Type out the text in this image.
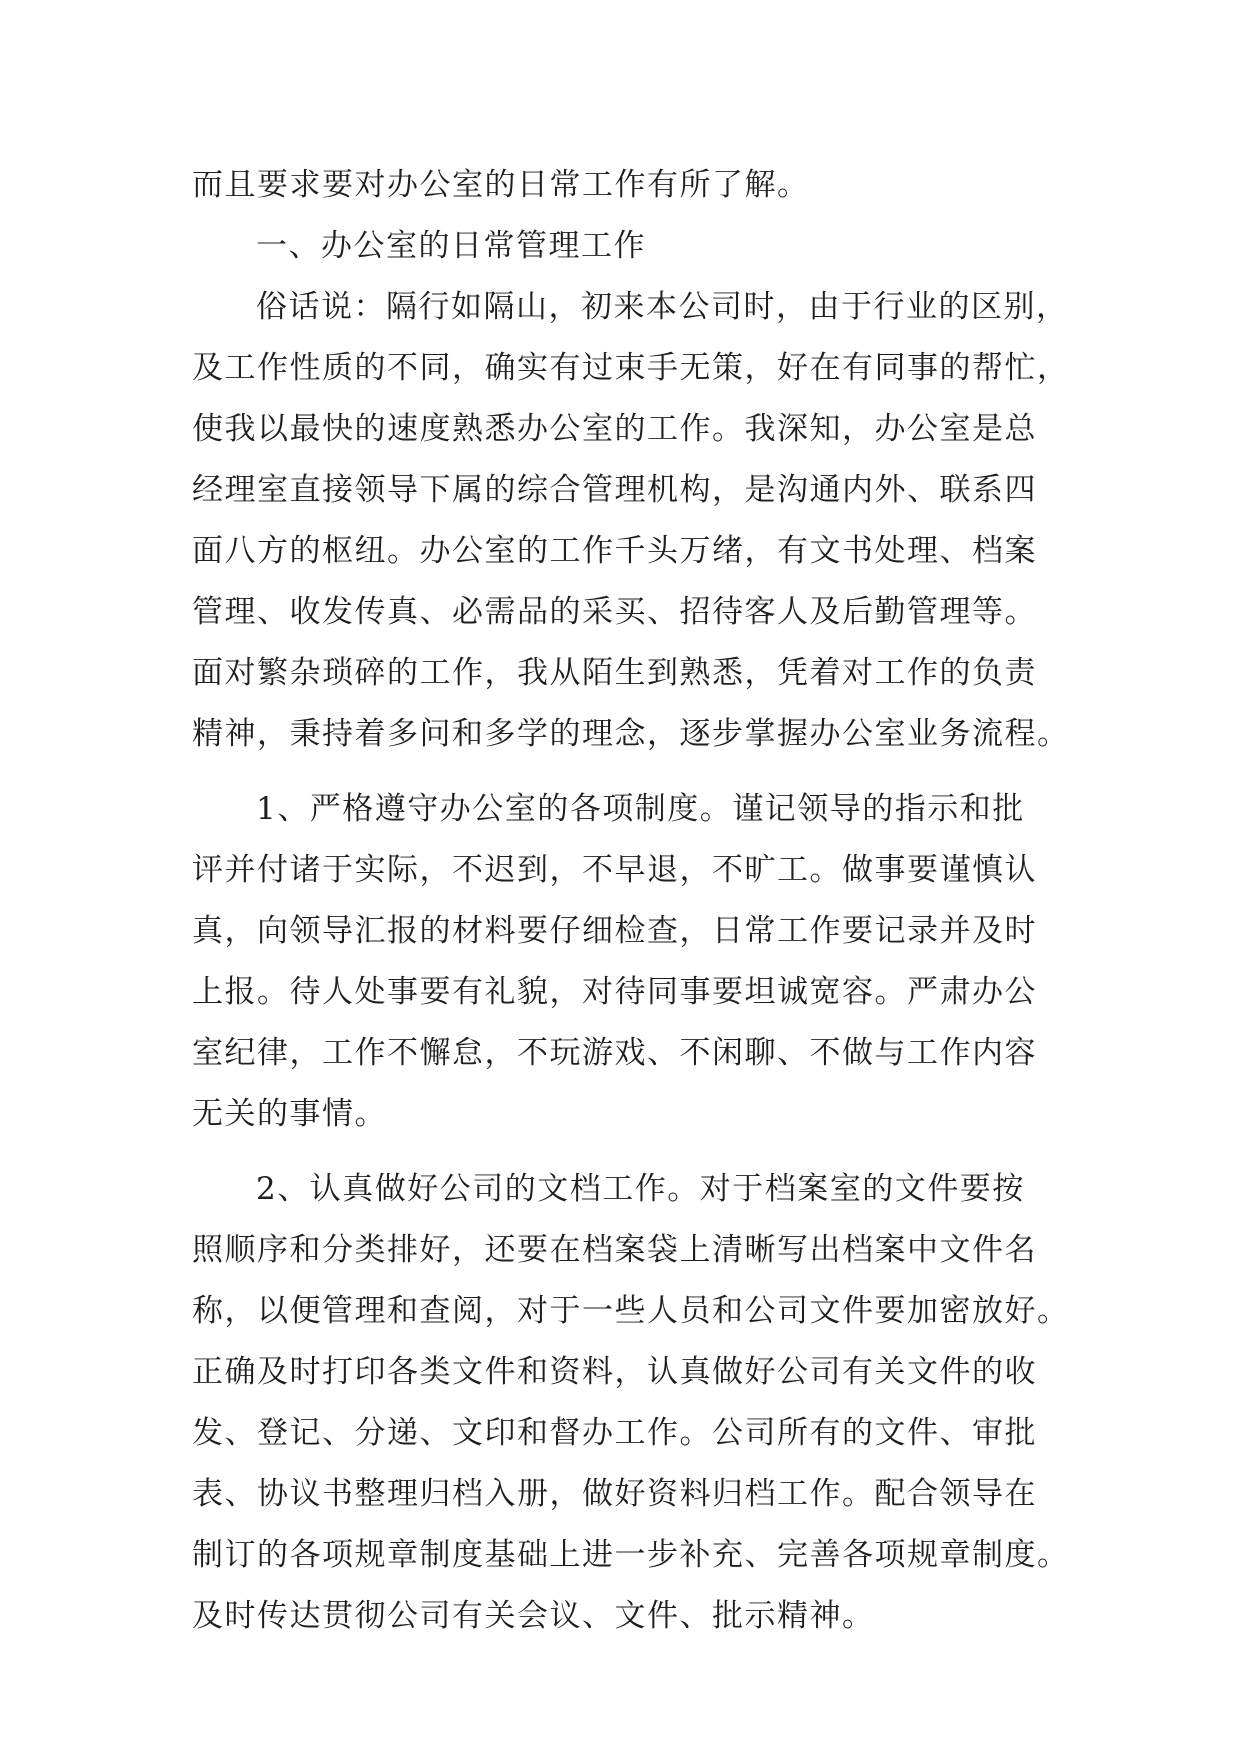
而且要求要对办公室的日常工作有所了解。
一、办公室的日常管理工作
俗话说：隔行如隔山，初来本公司时，由于行业的区别，
及工作性质的不同，确实有过束手无策，好在有同事的帮忙，
使我以最快的速度熟悉办公室的工作。我深知，办公室是总
经理室直接领导下属的综合管理机构，是沟通内外、联系四
面八方的枢纽。办公室的工作千头万绪，有文书处理、档案
管理、收发传真、必需品的采买、招待客人及后勤管理等。
面对繁杂琐碎的工作，我从陌生到熟悉，凭着对工作的负责
精神，秉持着多问和多学的理念，逐步掌握办公室业务流程。
1、严格遵守办公室的各项制度。谨记领导的指示和批
评并付诸于实际，不迟到，不早退，不旷工。做事要谨慎认
真，向领导汇报的材料要仔细检查，日常工作要记录并及时
上报。待人处事要有礼貌，对待同事要坦诚宽容。严肃办公
室纪律，工作不懈怠，不玩游戏、不闲聊、不做与工作内容
无关的事情。
2、认真做好公司的文档工作。对于档案室的文件要按
照顺序和分类排好，还要在档案袋上清晰写出档案中文件名
称，以便管理和查阅，对于一些人员和公司文件要加密放好。
正确及时打印各类文件和资料，认真做好公司有关文件的收
发、登记、分递、文印和督办工作。公司所有的文件、审批
表、协议书整理归档入册，做好资料归档工作。配合领导在
制订的各项规章制度基础上进一步补充、完善各项规章制度。
及时传达贯彻公司有关会议、文件、批示精神。
